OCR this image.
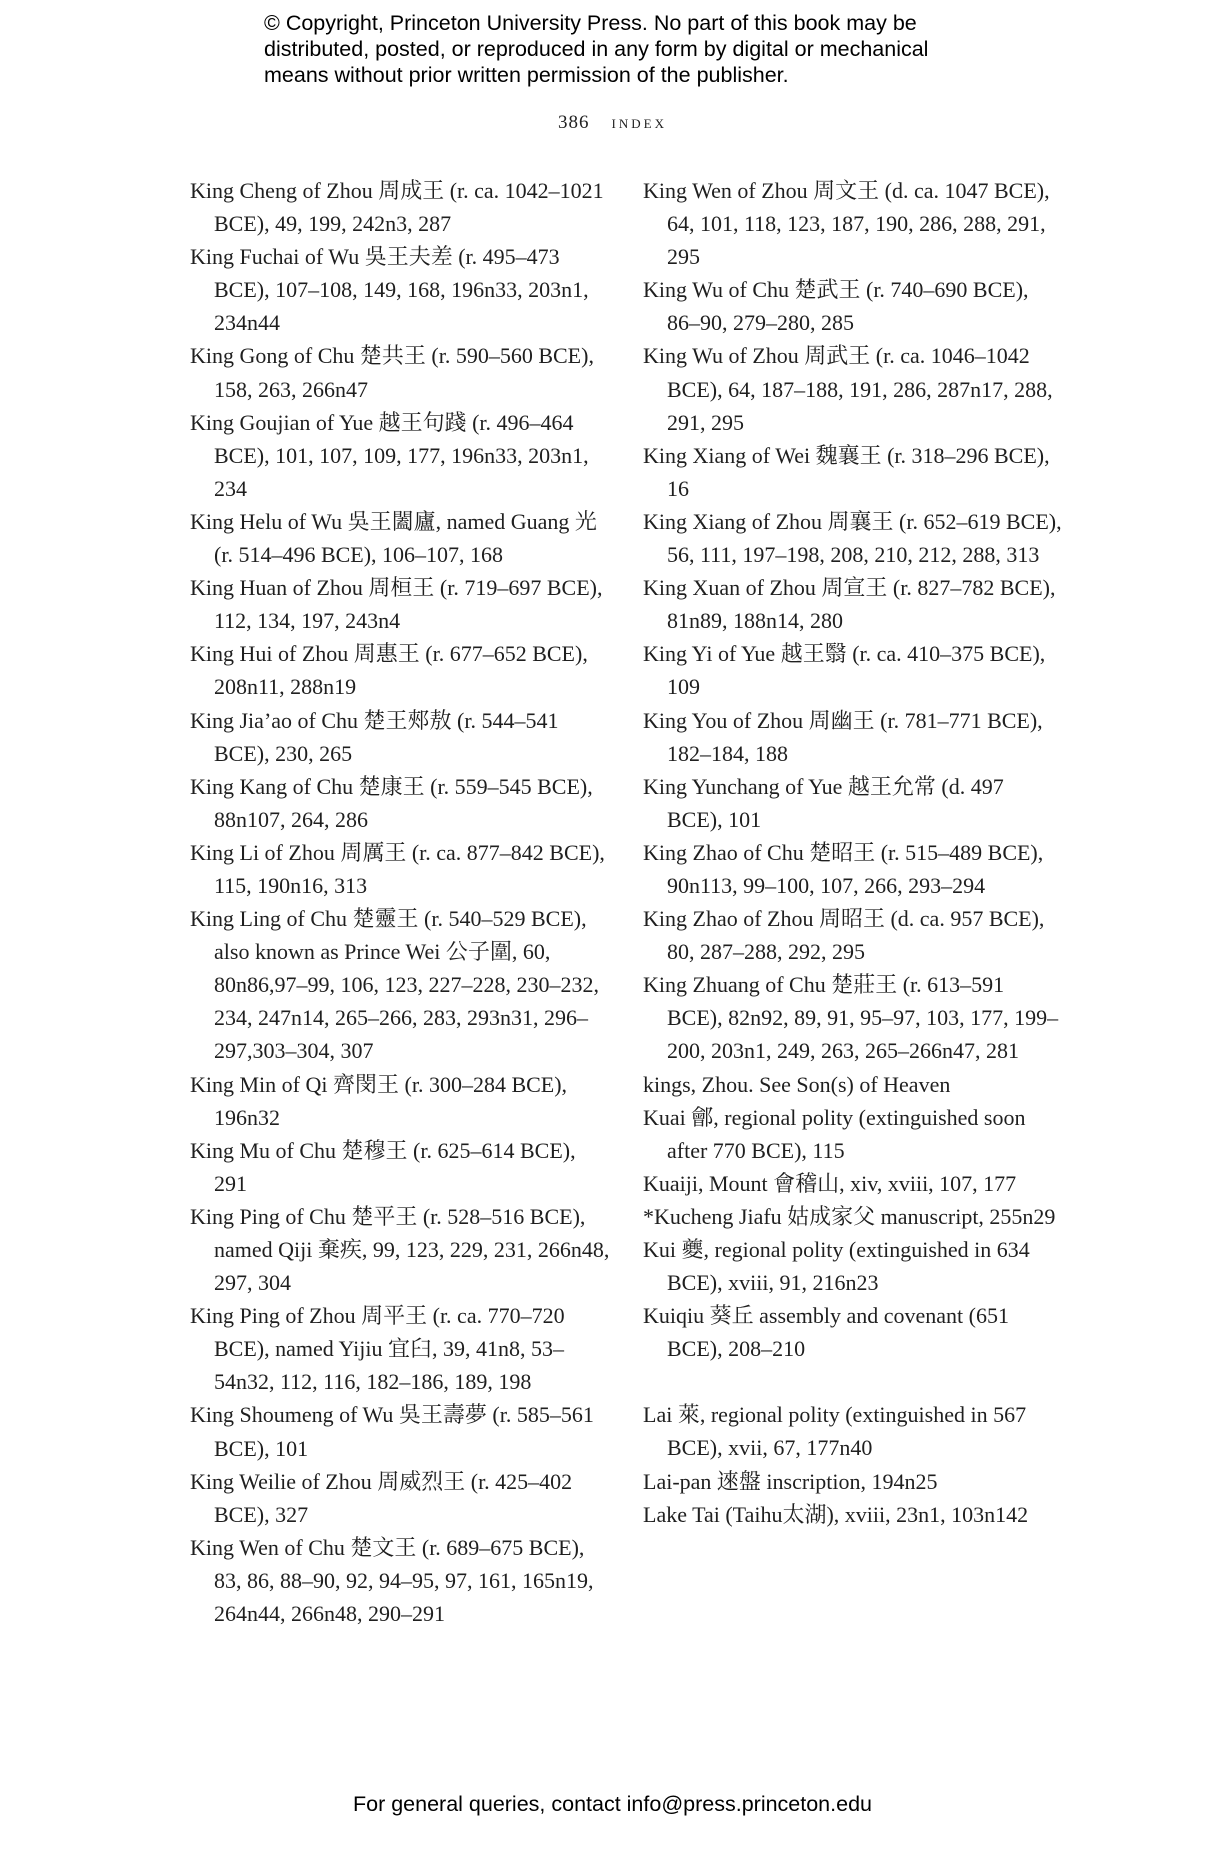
© Copyright, Princeton University Press. No part of this book may be
distributed, posted, or reproduced in any form by digital or mechanical
means without prior written permission of the publisher.
386 index
King Cheng of Zhou 周成王 (r. ca. 1042–1021 BCE), 49, 199, 242n3, 287
King Fuchai of Wu 吳王夫差 (r. 495–473 BCE), 107–108, 149, 168, 196n33, 203n1, 234n44
King Gong of Chu 楚共王 (r. 590–560 BCE), 158, 263, 266n47
King Goujian of Yue 越王句踐 (r. 496–464 BCE), 101, 107, 109, 177, 196n33, 203n1, 234
King Helu of Wu 吳王闔廬, named Guang 光 (r. 514–496 BCE), 106–107, 168
King Huan of Zhou 周桓王 (r. 719–697 BCE), 112, 134, 197, 243n4
King Hui of Zhou 周惠王 (r. 677–652 BCE), 208n11, 288n19
King Jia’ao of Chu 楚王郟敖 (r. 544–541 BCE), 230, 265
King Kang of Chu 楚康王 (r. 559–545 BCE), 88n107, 264, 286
King Li of Zhou 周厲王 (r. ca. 877–842 BCE), 115, 190n16, 313
King Ling of Chu 楚靈王 (r. 540–529 BCE), also known as Prince Wei 公子圍, 60, 80n86,97–99, 106, 123, 227–228, 230–232, 234, 247n14, 265–266, 283, 293n31, 296–297,303–304, 307
King Min of Qi 齊閔王 (r. 300–284 BCE), 196n32
King Mu of Chu 楚穆王 (r. 625–614 BCE), 291
King Ping of Chu 楚平王 (r. 528–516 BCE), named Qiji 棄疾, 99, 123, 229, 231, 266n48, 297, 304
King Ping of Zhou 周平王 (r. ca. 770–720 BCE), named Yijiu 宜臼, 39, 41n8, 53–54n32, 112, 116, 182–186, 189, 198
King Shoumeng of Wu 吳王壽夢 (r. 585–561 BCE), 101
King Weilie of Zhou 周威烈王 (r. 425–402 BCE), 327
King Wen of Chu 楚文王 (r. 689–675 BCE), 83, 86, 88–90, 92, 94–95, 97, 161, 165n19, 264n44, 266n48, 290–291
King Wen of Zhou 周文王 (d. ca. 1047 BCE), 64, 101, 118, 123, 187, 190, 286, 288, 291, 295
King Wu of Chu 楚武王 (r. 740–690 BCE), 86–90, 279–280, 285
King Wu of Zhou 周武王 (r. ca. 1046–1042 BCE), 64, 187–188, 191, 286, 287n17, 288, 291, 295
King Xiang of Wei 魏襄王 (r. 318–296 BCE), 16
King Xiang of Zhou 周襄王 (r. 652–619 BCE), 56, 111, 197–198, 208, 210, 212, 288, 313
King Xuan of Zhou 周宣王 (r. 827–782 BCE), 81n89, 188n14, 280
King Yi of Yue 越王翳 (r. ca. 410–375 BCE), 109
King You of Zhou 周幽王 (r. 781–771 BCE), 182–184, 188
King Yunchang of Yue 越王允常 (d. 497 BCE), 101
King Zhao of Chu 楚昭王 (r. 515–489 BCE), 90n113, 99–100, 107, 266, 293–294
King Zhao of Zhou 周昭王 (d. ca. 957 BCE), 80, 287–288, 292, 295
King Zhuang of Chu 楚莊王 (r. 613–591 BCE), 82n92, 89, 91, 95–97, 103, 177, 199–200, 203n1, 249, 263, 265–266n47, 281
kings, Zhou. See Son(s) of Heaven
Kuai 鄶, regional polity (extinguished soon after 770 BCE), 115
Kuaiji, Mount 會稽山, xiv, xviii, 107, 177
*Kucheng Jiafu 姑成家父 manuscript, 255n29
Kui 夔, regional polity (extinguished in 634 BCE), xviii, 91, 216n23
Kuiqiu 葵丘 assembly and covenant (651 BCE), 208–210
Lai 萊, regional polity (extinguished in 567 BCE), xvii, 67, 177n40
Lai-pan 逨盤 inscription, 194n25
Lake Tai (Taihu太湖), xviii, 23n1, 103n142
For general queries, contact info@press.princeton.edu
